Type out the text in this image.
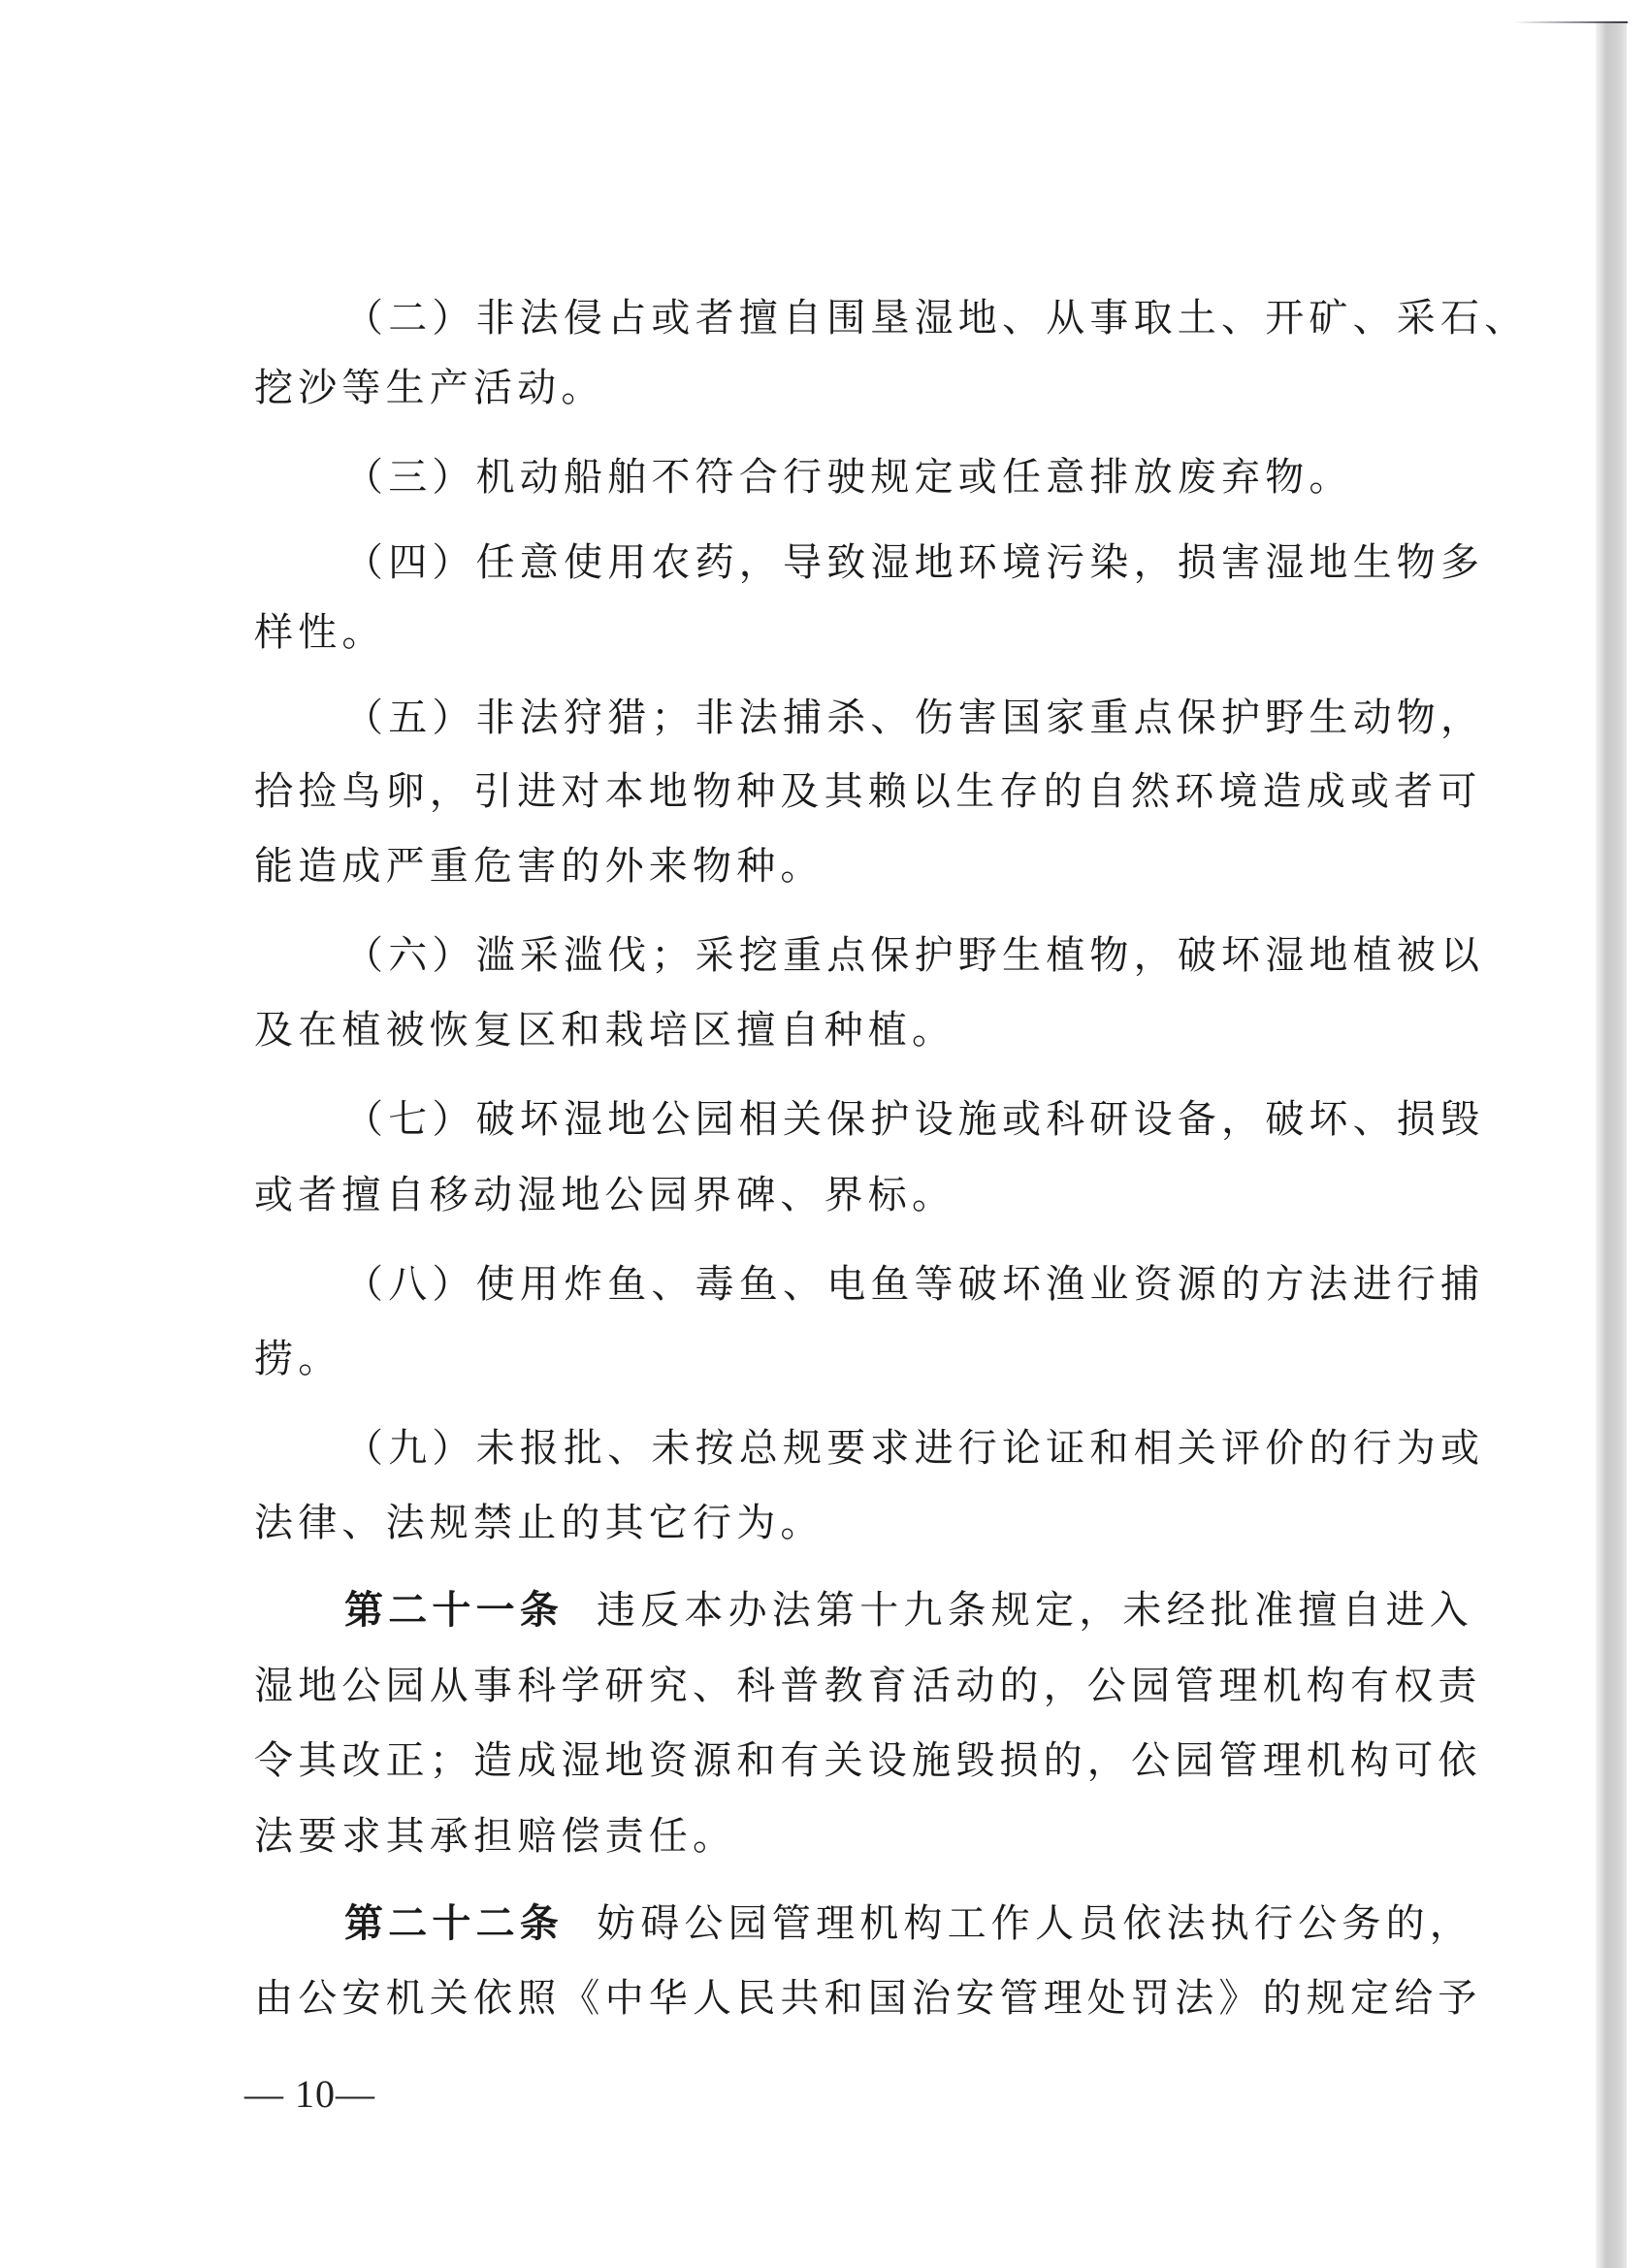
（二）非法侵占或者擅自围垦湿地、从事取土、开矿、采石、
挖沙等生产活动。
（三）机动船舶不符合行驶规定或任意排放废弃物。
（四）任意使用农药，导致湿地环境污染，损害湿地生物多
样性。
（五）非法狩猎；非法捕杀、伤害国家重点保护野生动物，
拾捡鸟卵，引进对本地物种及其赖以生存的自然环境造成或者可
能造成严重危害的外来物种。
（六）滥采滥伐；采挖重点保护野生植物，破坏湿地植被以
及在植被恢复区和栽培区擅自种植。
（七）破坏湿地公园相关保护设施或科研设备，破坏、损毁
或者擅自移动湿地公园界碑、界标。
（八）使用炸鱼、毒鱼、电鱼等破坏渔业资源的方法进行捕
捞。
（九）未报批、未按总规要求进行论证和相关评价的行为或
法律、法规禁止的其它行为。
第二十一条 违反本办法第十九条规定，未经批准擅自进入
湿地公园从事科学研究、科普教育活动的，公园管理机构有权责
令其改正；造成湿地资源和有关设施毁损的，公园管理机构可依
法要求其承担赔偿责任。
第二十二条 妨碍公园管理机构工作人员依法执行公务的，
由公安机关依照《中华人民共和国治安管理处罚法》的规定给予
— 10—
